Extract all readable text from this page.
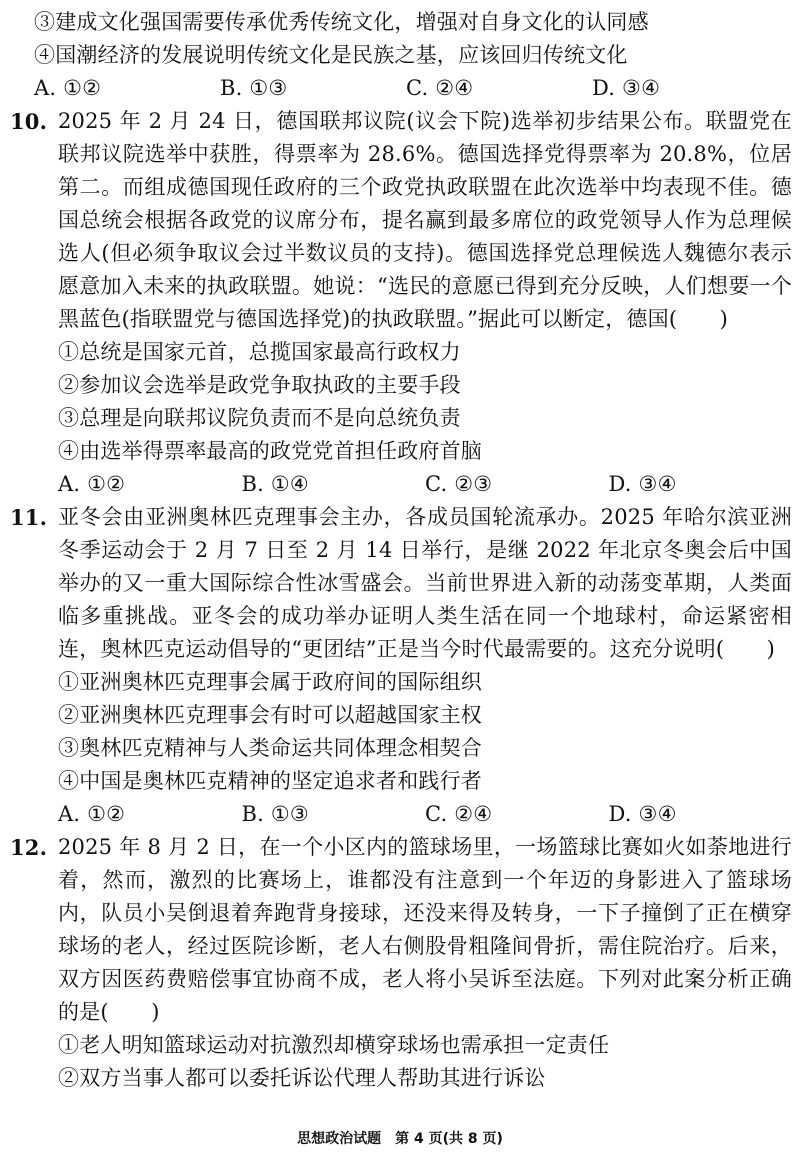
③建成文化强国需要传承优秀传统文化，增强对自身文化的认同感
④国潮经济的发展说明传统文化是民族之基，应该回归传统文化
A. ①②	B. ①③	C. ②④	D. ③④
10. 2025 年 2 月 24 日，德国联邦议院(议会下院)选举初步结果公布。联盟党在联邦议院选举中获胜，得票率为 28.6%。德国选择党得票率为 20.8%，位居第二。而组成德国现任政府的三个政党执政联盟在此次选举中均表现不佳。德国总统会根据各政党的议席分布，提名赢到最多席位的政党领导人作为总理候选人(但必须争取议会过半数议员的支持)。德国选择党总理候选人魏德尔表示愿意加入未来的执政联盟。她说：“选民的意愿已得到充分反映，人们想要一个黑蓝色(指联盟党与德国选择党)的执政联盟。”据此可以断定，德国(　　)
①总统是国家元首，总揽国家最高行政权力
②参加议会选举是政党争取执政的主要手段
③总理是向联邦议院负责而不是向总统负责
④由选举得票率最高的政党党首担任政府首脑
A. ①②	B. ①④	C. ②③	D. ③④
11. 亚冬会由亚洲奥林匹克理事会主办，各成员国轮流承办。2025 年哈尔滨亚洲冬季运动会于 2 月 7 日至 2 月 14 日举行，是继 2022 年北京冬奥会后中国举办的又一重大国际综合性冰雪盛会。当前世界进入新的动荡变革期，人类面临多重挑战。亚冬会的成功举办证明人类生活在同一个地球村，命运紧密相连，奥林匹克运动倡导的“更团结”正是当今时代最需要的。这充分说明(　　)
①亚洲奥林匹克理事会属于政府间的国际组织
②亚洲奥林匹克理事会有时可以超越国家主权
③奥林匹克精神与人类命运共同体理念相契合
④中国是奥林匹克精神的坚定追求者和践行者
A. ①②	B. ①③	C. ②④	D. ③④
12. 2025 年 8 月 2 日，在一个小区内的篮球场里，一场篮球比赛如火如荼地进行着，然而，激烈的比赛场上，谁都没有注意到一个年迈的身影进入了篮球场内，队员小吴倒退着奔跑背身接球，还没来得及转身，一下子撞倒了正在横穿球场的老人，经过医院诊断，老人右侧股骨粗隆间骨折，需住院治疗。后来，双方因医药费赔偿事宜协商不成，老人将小吴诉至法庭。下列对此案分析正确的是(　　)
①老人明知篮球运动对抗激烈却横穿球场也需承担一定责任
②双方当事人都可以委托诉讼代理人帮助其进行诉讼
思想政治试题　第 4 页(共 8 页)
